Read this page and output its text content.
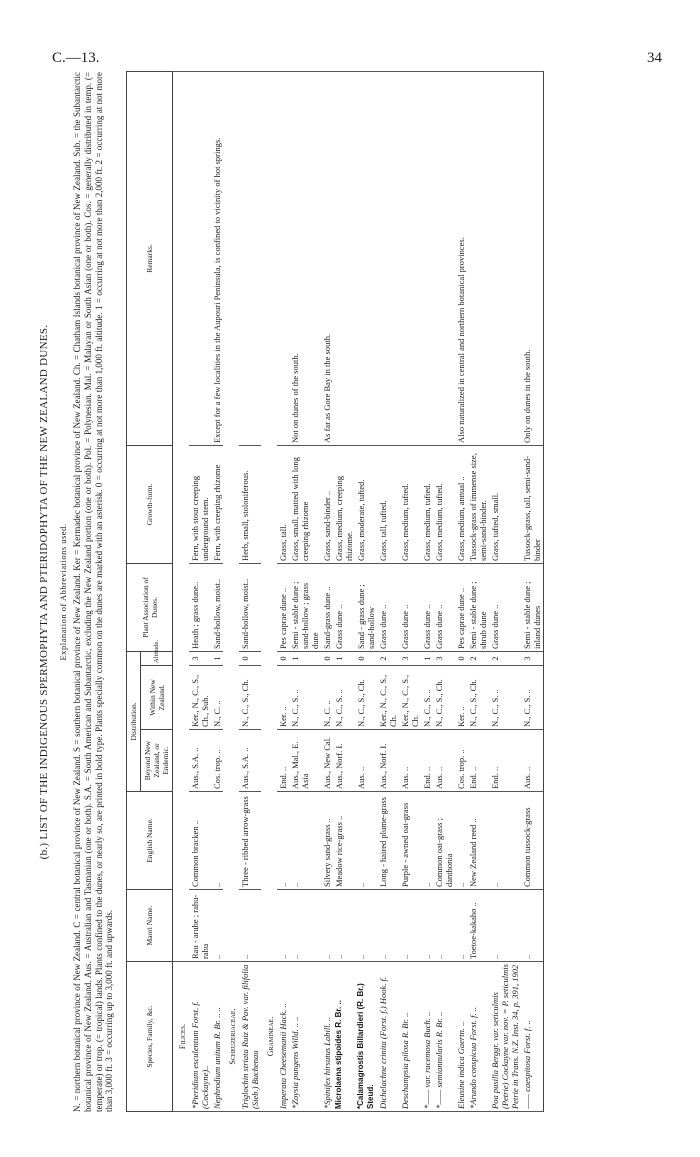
C.—13.	34
(b.) LIST OF THE INDIGENOUS SPERMOPHYTA AND PTERIDOPHYTA OF THE NEW ZEALAND DUNES. Explanation of Abbreviations used. N. = northern botanical province of New Zealand. C = central botanical province of New Zealand. S = southern botanical province of New Zealand. Ker = Kermadec botanical province of New Zealand. Ch. = Chatham Islands botanical province of New Zealand. Sub. = the Subantarctic botanical province of New Zealand. Aus. = Australian and Tasmanian (one or both). S.A. = South American and Subantarctic, excluding the New Zealand portion (one or both). Pol. = Polynesian. Mal. = Malayan or South Asian (one or both). Cos. = generally distributed in temp. (= temperate) or trop. (= tropical) lands. Plants confined to the dunes, or nearly so, are printed in bold type. Plants specially common on the dunes are marked with an asterisk. 0 = occurring at not more than 1,000 ft. altitude. 1 = occurring at not more than 2,000 ft. 2 = occurring at not more than 3,000 ft. 3 = occurring up to 3,000 ft. and upwards.	Species, Family, &c.	Maori Name.	English Name.	Distribution.			Plant Association of Dunes.	Growth-form.	Remarks.
			Beyond New Zealand, or Endemic.	Within New Zealand.	Altitude.			
Filices.								
*Pteridium esculentum Forst. f. (Cockayne)..	Rau - aruhe ; rahu-rahu	Common bracken ..	Aus., S.A. ..	Ker., N., C., S., Ch., Sub.	3	Heath ; grass dune..	Fern, with stout creeping underground stem.	
Nephrodium unitum R. Br. .. ..	..	..	Cos. trop. ..	N., C. ..	1	Sand-hollow, moist..	Fern, with creeping rhizome	Except for a few localities in the Aupouri Peninsula, is confined to vicinity of hot springs.
Scheuzeriaceae.								
Triglochin striata Ruiz & Pav. var. filifolia (Sieb.) Buchenau	..	Three - ribbed arrow-grass	Aus., S.A. ..	N., C., S., Ch.	0	Sand-hollow, moist..	Herb, small, stoloniferous.	
Gramineae.								
Imperata Cheesemanii Hack. ..	..	..	End. ..	Ker. ..	0	Pes caprae dune ..	Grass, tall.	
*Zoysia pungens Willd. .. ..	..	..	Aus., Mal., E. Asia	N., C., S. ..	1	Semi - stable dune ; sand-hollow ; grass dune	Grass, small, matted with long creeping rhizome	Not on dunes of the south.
*Spinifex hirsutus Labill. ..	..	Silvery sand-grass ..	Aus., New Cal.	N., C. ..	0	Sand-grass dune ..	Grass, sand-binder ..	As far as Gore Bay in the south.
Microlaena stipoides R. Br. ..	..	Meadow rice-grass ..	Aus., Norf. I.	N., C., S. ..	1	Grass dune ..	Grass, medium, creeping rhizome.	
*Calamagrostis Billardieri (R. Br.) Steud.	..	..	Aus. ..	N., C., S., Ch.	0	Sand - grass dune ; sand-hollow	Grass, moderate, tufted.	
Dichelachne crinita (Forst. f.) Hook. f.	..	Long - haired plume-grass	Aus., Norf. I.	Ker., N., C., S., Ch.	2	Grass dune ..	Grass, tall, tufted.	
Deschampsia pilosa R. Br. ..	..	Purple - awned oat-grass	Aus. ..	Ker., N., C., S., Ch.	3	Grass dune ..	Grass, medium, tufted.	
*—— var. racemosa Buch. ..	..	..	End. ..	N., C., S. ..	1	Grass dune ..	Grass, medium, tufted.	
*—— semiannularis R. Br. ..	..	Common oat-grass ; danthonia	Aus. ..	N., C., S., Ch.	3	Grass dune ..	Grass, medium, tufted.	
Eleusine indica Gaertn. ..	..	..	Cos. trop. ..	Ker. ..	0	Pes caprae dune ..	Grass, medium, annual ..	Also naturalized in central and northern botanical provinces.
*Arundo conspicua Forst. f. ..	Toetoe-kakaho ..	New Zealand reed ..	End. ..	N., C., S., Ch.	2	Semi - stable dune ; shrub dune	Tussock-grass of immense size, semi-sand-binder.	
Poa pusilla Berggr. var. seticulmis (Petrie) Cockayne var. nov. = P. seticulmis Petrie in Trans. N.Z. Inst. 34, p. 391, 1902	..	..	End. ..	N., C., S. ..	2	Grass dune ..	Grass, tufted, small.	
—— caespitosa Forst. f. ..	..	Common tussock-grass	Aus. ..	N., C., S. ..	3	Semi - stable dune ; inland dunes	Tussock-grass, tall, semi-sand-binder	Only on dunes in the south.
